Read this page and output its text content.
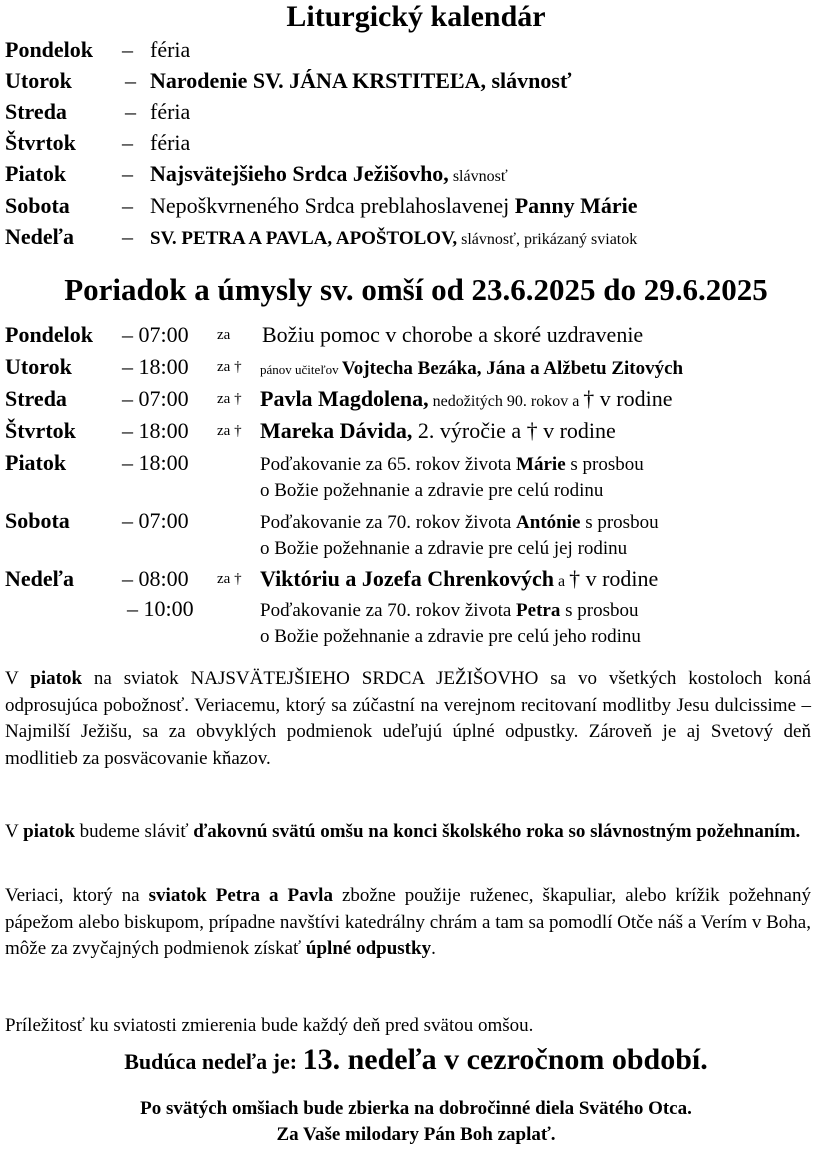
Liturgický kalendár
Pondelok – féria
Utorok – Narodenie SV. JÁNA KRSTITEĽA, slávnosť
Streda	– féria
Štvrtok – féria
Piatok	– Najsvätejšieho Srdca Ježišovho, slávnosť
Sobota – Nepoškvrneného Srdca preblahoslavenej Panny Márie
Nedeľa – SV. PETRA A PAVLA, APOŠTOLOV, slávnosť, prikázaný sviatok
Poriadok a úmysly sv. omší od 23.6.2025 do 29.6.2025
Pondelok – 07:00 za Božiu pomoc v chorobe a skoré uzdravenie
Utorok – 18:00 za † pánov učiteľov Vojtecha Bezáka, Jána a Alžbetu Zitových
Streda	– 07:00 za † Pavla Magdolena, nedožitých 90. rokov a † v rodine
Štvrtok – 18:00 za † Mareka Dávida, 2. výročie a † v rodine
Piatok	– 18:00	Poďakovanie za 65. rokov života Márie s prosbou
o Božie požehnanie a zdravie pre celú rodinu
Sobota – 07:00	Poďakovanie za 70. rokov života Antónie s prosbou
o Božie požehnanie a zdravie pre celú jej rodinu
Nedeľa – 08:00 za † Viktóriu a Jozefa Chrenkových a † v rodine
– 10:00	Poďakovanie za 70. rokov života Petra s prosbou
o Božie požehnanie a zdravie pre celú jeho rodinu
V piatok na sviatok NAJSVÄTEJŠIEHO SRDCA JEŽIŠOVHO sa vo všetkých kostoloch koná odprosujúca pobožnosť. Veriacemu, ktorý sa zúčastní na verejnom recitovaní modlitby Jesu dulcissime – Najmilší Ježišu, sa za obvyklých podmienok udeľujú úplné odpustky. Zároveň je aj Svetový deň modlitieb za posväcovanie kňazov.
V piatok budeme sláviť ďakovnú svätú omšu na konci školského roka so slávnostným požehnaním.
Veriaci, ktorý na sviatok Petra a Pavla zbožne použije ruženec, škapuliar, alebo krížik požehnaný pápežom alebo biskupom, prípadne navštívi katedrálny chrám a tam sa pomodlí Otče náš a Verím v Boha, môže za zvyčajných podmienok získať úplné odpustky.
Príležitosť ku sviatosti zmierenia bude každý deň pred svätou omšou.
Budúca nedeľa je: 13. nedeľa v cezročnom období.
Po svätých omšiach bude zbierka na dobročinné diela Svätého Otca.
Za Vaše milodary Pán Boh zaplať.
